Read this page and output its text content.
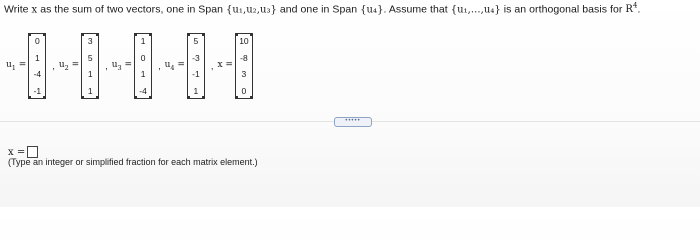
Write x as the sum of two vectors, one in Span {u₁,u₂,u₃} and one in Span {u₄}. Assume that {u₁,...,u₄} is an orthogonal basis for $R^4$.
$u_1$ =
0
1
-4
-1
, $u_2$ =
3
5
1
1
, $u_3$ =
1
0
1
-4
, $u_4$ =
5
-3
-1
1
, x =
10
-8
3
0
•••••
x =
(Type an integer or simplified fraction for each matrix element.)
